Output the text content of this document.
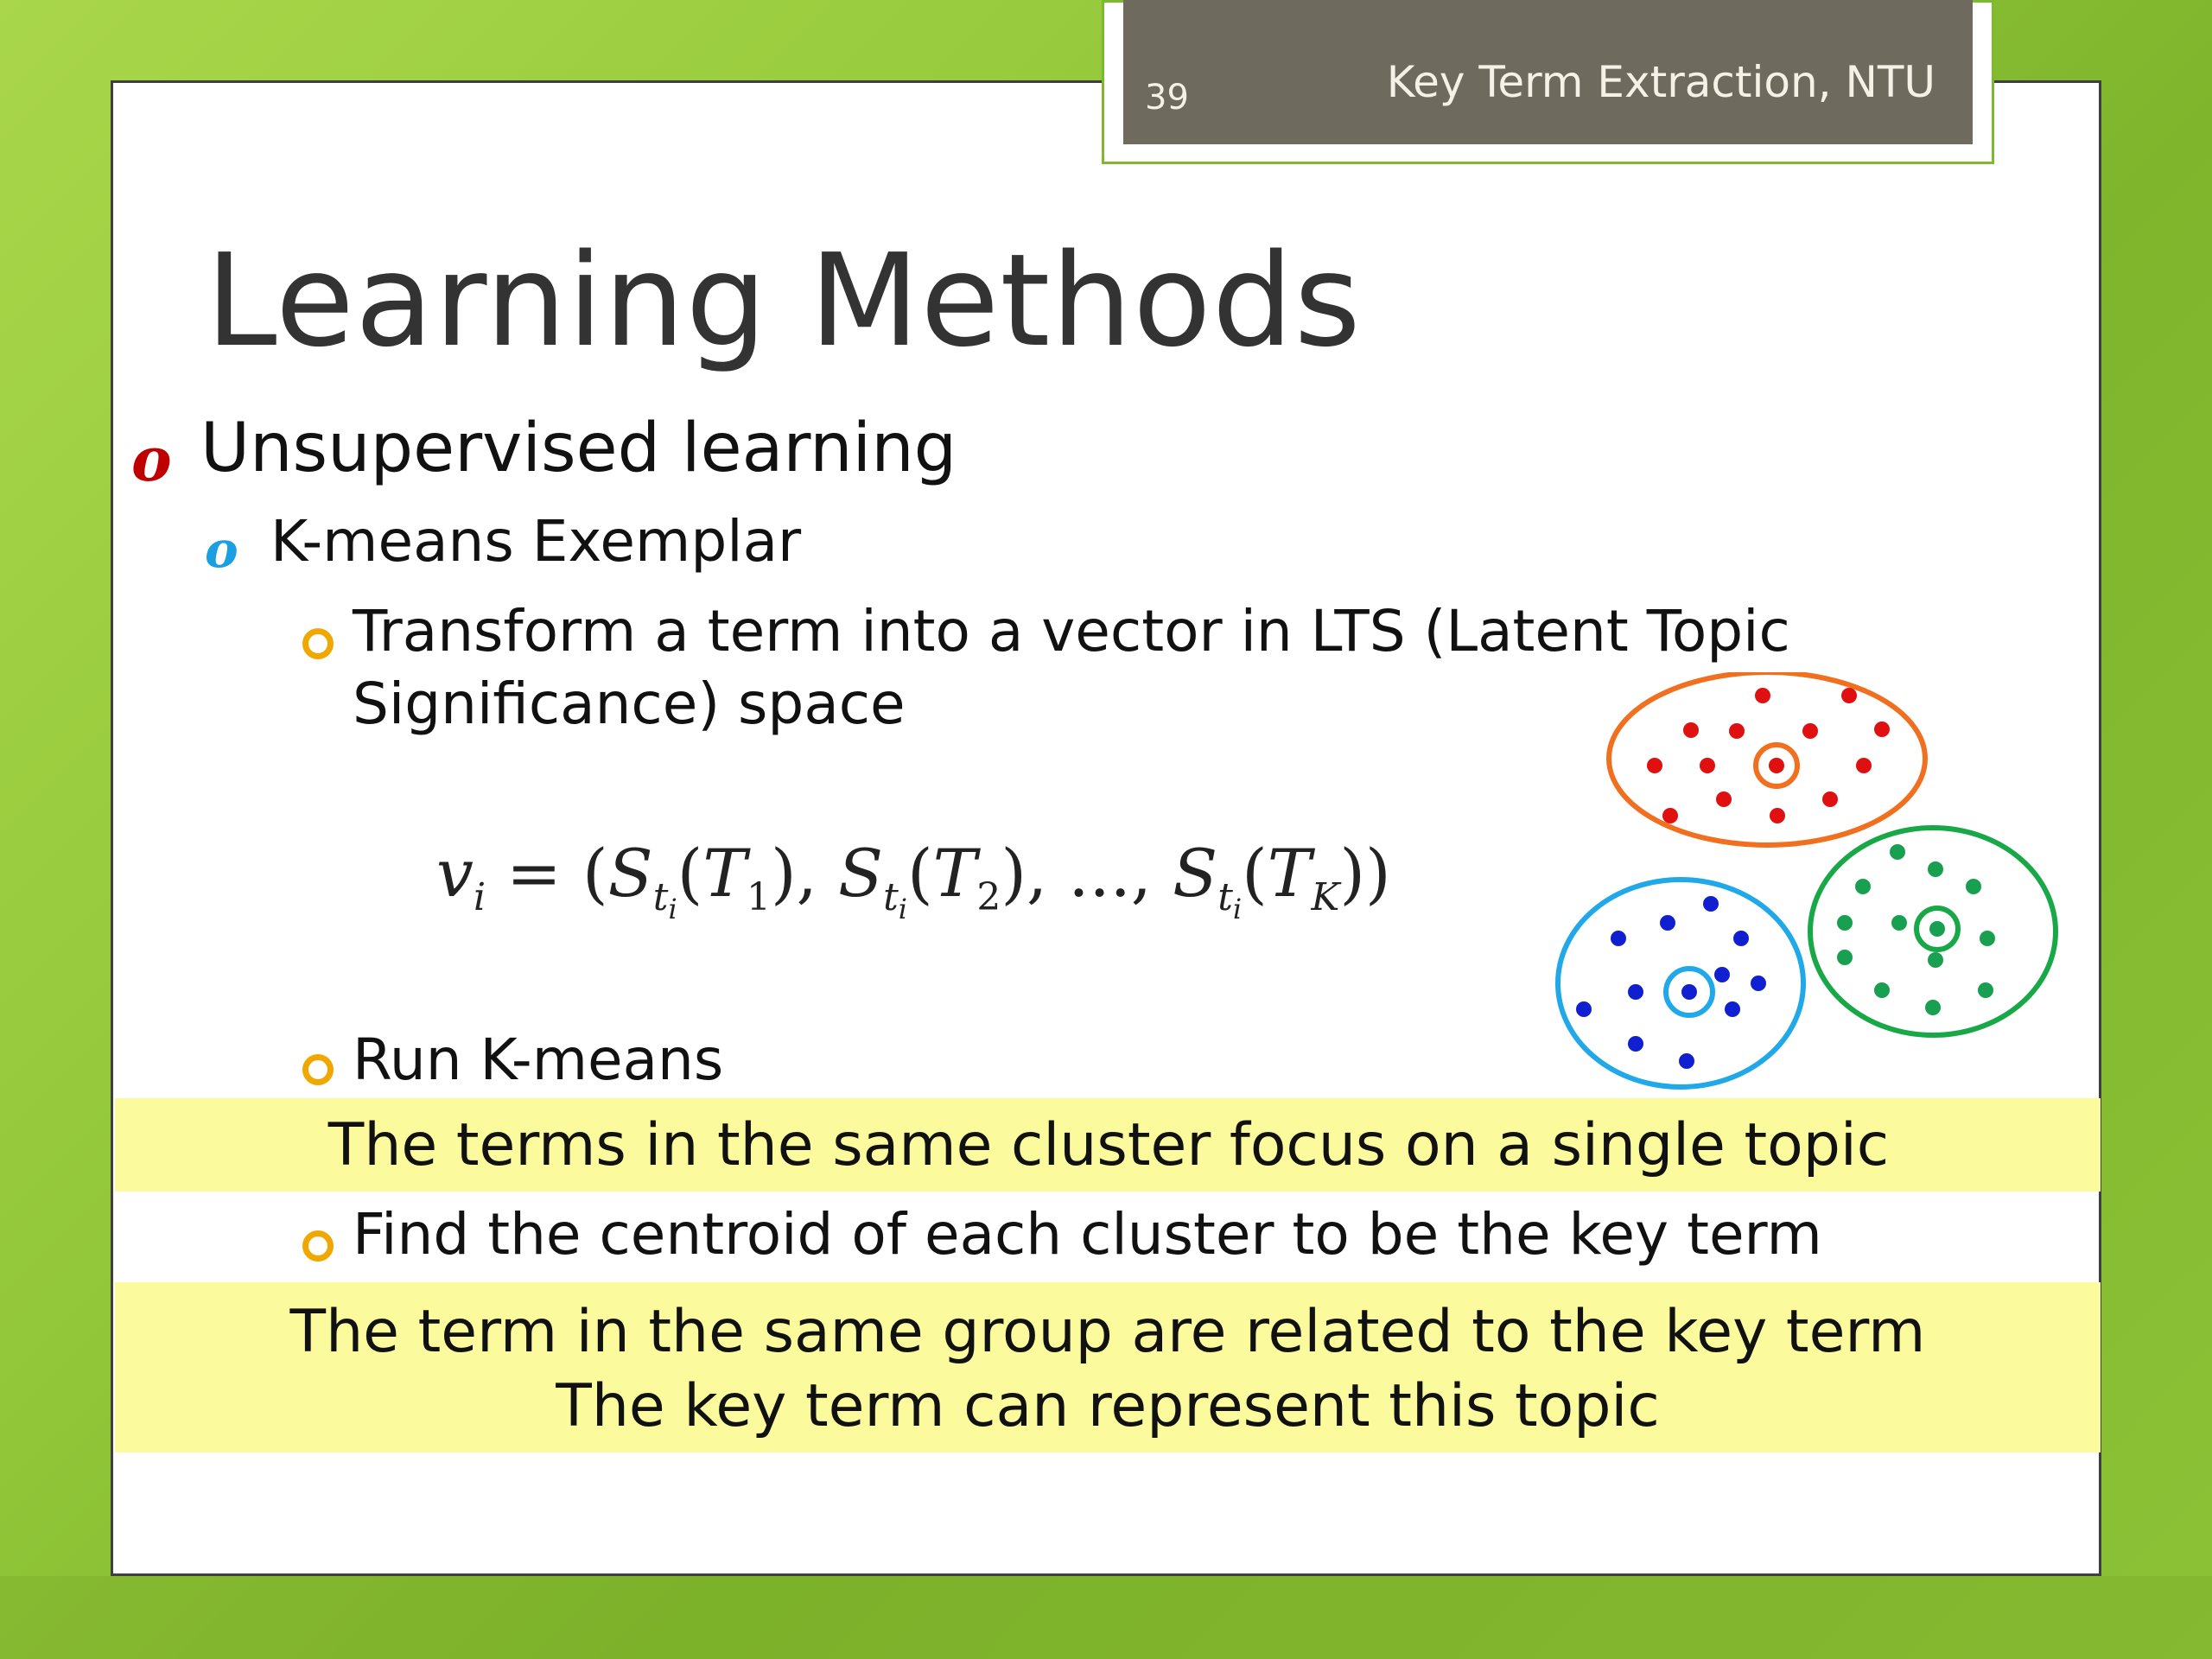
39	Key Term Extraction, NTU
Learning Methods
o Unsupervised learning
o K-means Exemplar
Transform a term into a vector in LTS (Latent Topic
Significance) space
$v_i = (S_{t_i}(T_1)$, $S_{t_i}(T_2)$, ..., $S_{t_i}(T_K)$)
Run K-means
The terms in the same cluster focus on a single topic
Find the centroid of each cluster to be the key term
The term in the same group are related to the key term
The key term can represent this topic
